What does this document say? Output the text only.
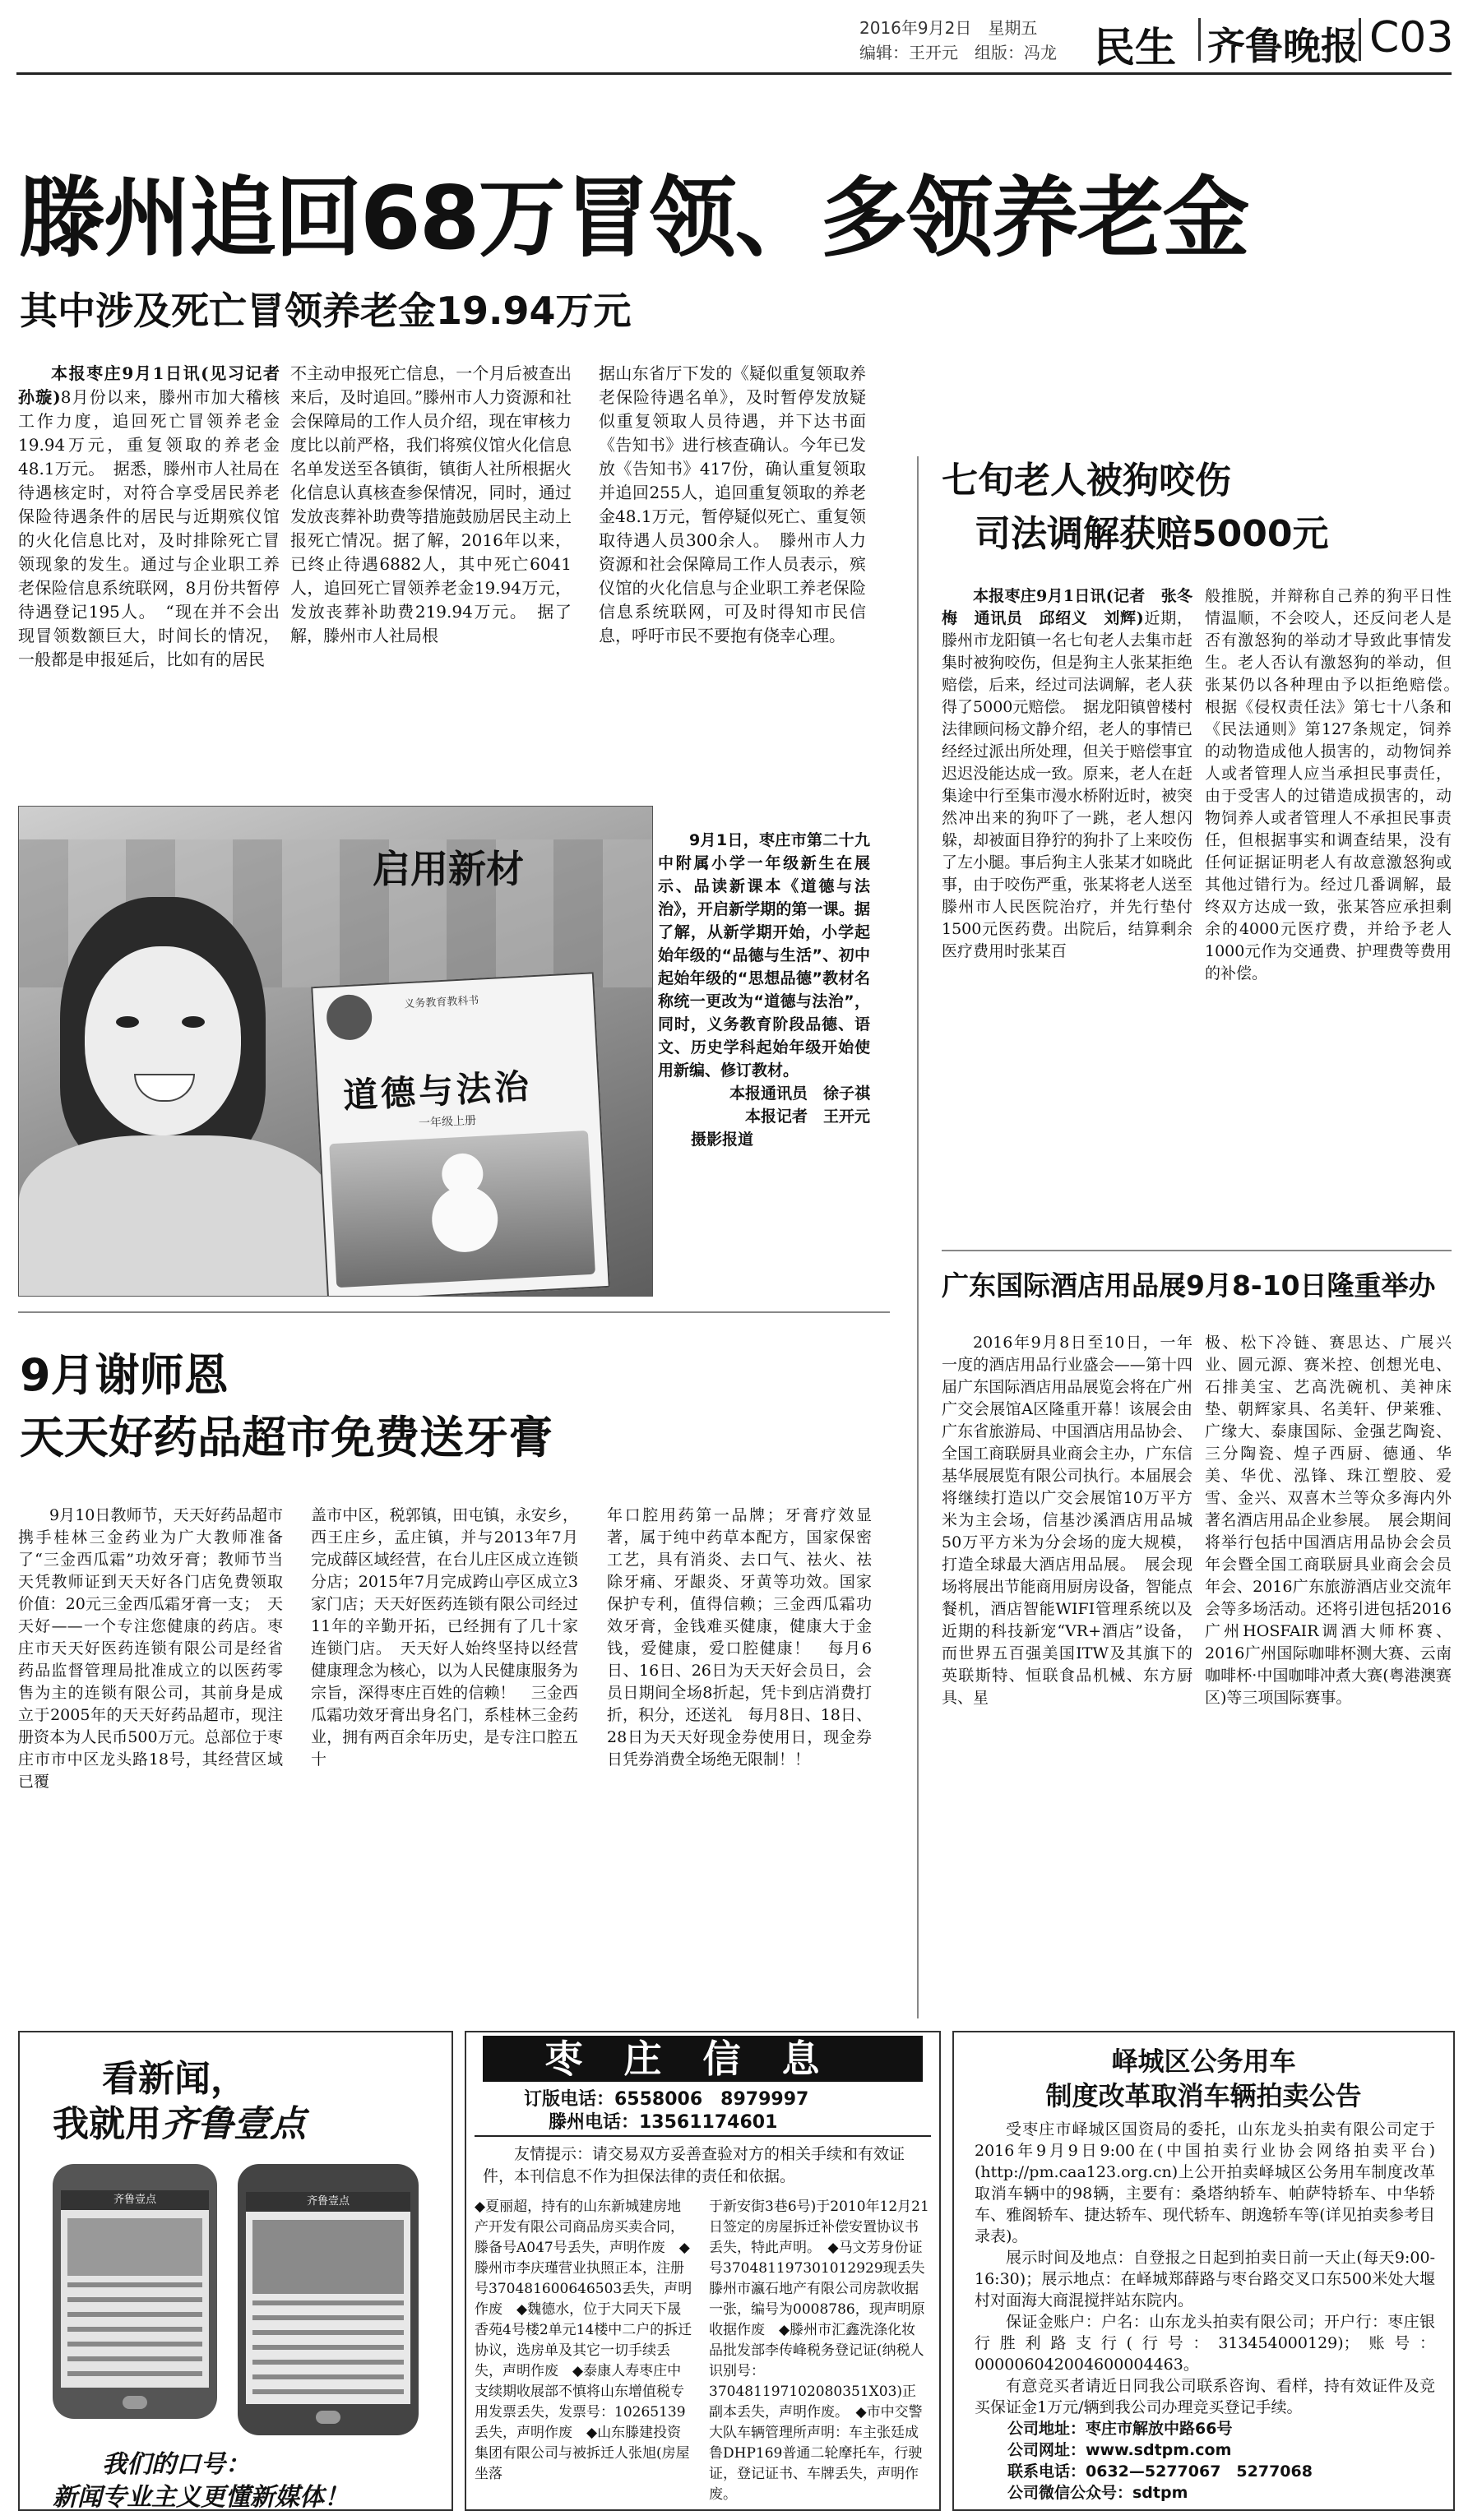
2016年9月2日　星期五
编辑：王开元　组版：冯龙 民生 齐鲁晚报 C03
滕州追回68万冒领、多领养老金
其中涉及死亡冒领养老金19.94万元

本报枣庄9月1日讯(见习记者　孙璇)8月份以来，滕州市加大稽核工作力度，追回死亡冒领养老金19.94万元，重复领取的养老金48.1万元。　据悉，滕州市人社局在待遇核定时，对符合享受居民养老保险待遇条件的居民与近期殡仪馆的火化信息比对，及时排除死亡冒领现象的发生。通过与企业职工养老保险信息系统联网，8月份共暂停待遇登记195人。　“现在并不会出现冒领数额巨大，时间长的情况，一般都是申报延后，比如有的居民

不主动申报死亡信息，一个月后被查出来后，及时追回。”滕州市人力资源和社会保障局的工作人员介绍，现在审核力度比以前严格，我们将殡仪馆火化信息名单发送至各镇街，镇街人社所根据火化信息认真核查参保情况，同时，通过发放丧葬补助费等措施鼓励居民主动上报死亡情况。据了解，2016年以来，已终止待遇6882人，其中死亡6041人，追回死亡冒领养老金19.94万元，发放丧葬补助费219.94万元。　据了解，滕州市人社局根

据山东省厅下发的《疑似重复领取养老保险待遇名单》，及时暂停发放疑似重复领取人员待遇，并下达书面《告知书》进行核查确认。今年已发放《告知书》417份，确认重复领取并追回255人，追回重复领取的养老金48.1万元，暂停疑似死亡、重复领取待遇人员300余人。　滕州市人力资源和社会保障局工作人员表示，殡仪馆的火化信息与企业职工养老保险信息系统联网，可及时得知市民信息，呼吁市民不要抱有侥幸心理。

义务教育教科书
道德与法治
一年级上册
启用新材

9月1日，枣庄市第二十九中附属小学一年级新生在展示、品读新课本《道德与法治》，开启新学期的第一课。据了解，从新学期开始，小学起始年级的“品德与生活”、初中起始年级的“思想品德”教材名称统一更改为“道德与法治”，同时，义务教育阶段品德、语文、历史学科起始年级开始使用新编、修订教材。

本报通讯员　徐子祺

本报记者　王开元

摄影报道

七旬老人被狗咬伤
司法调解获赔5000元

本报枣庄9月1日讯(记者　张冬梅　通讯员　邱绍义　刘辉)近期，滕州市龙阳镇一名七旬老人去集市赶集时被狗咬伤，但是狗主人张某拒绝赔偿，后来，经过司法调解，老人获得了5000元赔偿。　据龙阳镇曾楼村法律顾问杨文静介绍，老人的事情已经经过派出所处理，但关于赔偿事宜迟迟没能达成一致。原来，老人在赶集途中行至集市漫水桥附近时，被突然冲出来的狗吓了一跳，老人想闪躲，却被面目狰狞的狗扑了上来咬伤了左小腿。事后狗主人张某才如晓此事，由于咬伤严重，张某将老人送至滕州市人民医院治疗，并先行垫付1500元医药费。出院后，结算剩余医疗费用时张某百

般推脱，并辩称自己养的狗平日性情温顺，不会咬人，还反问老人是否有激怒狗的举动才导致此事情发生。老人否认有激怒狗的举动，但张某仍以各种理由予以拒绝赔偿。　根据《侵权责任法》第七十八条和《民法通则》第127条规定，饲养的动物造成他人损害的，动物饲养人或者管理人应当承担民事责任，由于受害人的过错造成损害的，动物饲养人或者管理人不承担民事责任，但根据事实和调查结果，没有任何证据证明老人有故意激怒狗或其他过错行为。经过几番调解，最终双方达成一致，张某答应承担剩余的4000元医疗费，并给予老人1000元作为交通费、护理费等费用的补偿。

广东国际酒店用品展9月8-10日隆重举办

2016年9月8日至10日，一年一度的酒店用品行业盛会——第十四届广东国际酒店用品展览会将在广州广交会展馆A区隆重开幕！该展会由广东省旅游局、中国酒店用品协会、全国工商联厨具业商会主办，广东信基华展展览有限公司执行。本届展会将继续打造以广交会展馆10万平方米为主会场，信基沙溪酒店用品城50万平方米为分会场的庞大规模，打造全球最大酒店用品展。　展会现场将展出节能商用厨房设备，智能点餐机，酒店智能WIFI管理系统以及近期的科技新宠“VR+酒店”设备，而世界五百强美国ITW及其旗下的英联斯特、恒联食品机械、东方厨具、星

极、松下冷链、赛思达、广展兴业、圆元源、赛米控、创想光电、石排美宝、艺高洗碗机、美神床垫、朝辉家具、名美轩、伊莱雅、广缘大、泰康国际、金强艺陶瓷、三分陶瓷、煌子西厨、德通、华美、华优、泓锋、珠江塑胶、爱雪、金兴、双喜木兰等众多海内外著名酒店用品企业参展。　展会期间将举行包括中国酒店用品协会会员年会暨全国工商联厨具业商会会员年会、2016广东旅游酒店业交流年会等多场活动。还将引进包括2016广州HOSFAIR调酒大师杯赛、2016广州国际咖啡杯测大赛、云南咖啡杯·中国咖啡冲煮大赛(粤港澳赛区)等三项国际赛事。

9月谢师恩
天天好药品超市免费送牙膏

9月10日教师节，天天好药品超市携手桂林三金药业为广大教师准备了“三金西瓜霜”功效牙膏；教师节当天凭教师证到天天好各门店免费领取价值：20元三金西瓜霜牙膏一支；　天天好——一个专注您健康的药店。枣庄市天天好医药连锁有限公司是经省药品监督管理局批准成立的以医药零售为主的连锁有限公司，其前身是成立于2005年的天天好药品超市，现注册资本为人民币500万元。总部位于枣庄市市中区龙头路18号，其经营区域已覆

盖市中区，税郭镇，田屯镇，永安乡，西王庄乡，孟庄镇，并与2013年7月完成薛区域经营，在台儿庄区成立连锁分店；2015年7月完成跨山亭区成立3家门店；天天好医药连锁有限公司经过11年的辛勤开拓，已经拥有了几十家连锁门店。　天天好人始终坚持以经营健康理念为核心，以为人民健康服务为宗旨，深得枣庄百姓的信赖！　三金西瓜霜功效牙膏出身名门，系桂林三金药业，拥有两百余年历史，是专注口腔五十

年口腔用药第一品牌；牙膏疗效显著，属于纯中药草本配方，国家保密工艺，具有消炎、去口气、祛火、祛除牙痛、牙龈炎、牙黄等功效。国家保护专利，值得信赖；三金西瓜霜功效牙膏，金钱难买健康，健康大于金钱，爱健康，爱口腔健康！　每月6日、16日、26日为天天好会员日，会员日期间全场8折起，凭卡到店消费打折，积分，还送礼　每月8日、18日、28日为天天好现金券使用日，现金券日凭券消费全场绝无限制！！

看新闻，
我就用齐鲁壹点
齐鲁壹点	齐鲁壹点
我们的口号：
新闻专业主义更懂新媒体！
枣庄信息
订版电话：6558006　8979997
滕州电话：13561174601

友情提示：请交易双方妥善查验对方的相关手续和有效证件，本刊信息不作为担保法律的责任和依据。

◆夏丽超，持有的山东新城建房地产开发有限公司商品房买卖合同，滕备号A047号丢失，声明作废　◆滕州市李庆瑾营业执照正本，注册号370481600646503丢失，声明作废　◆魏德水，位于大同天下晟香苑4号楼2单元14楼中二户的拆迁协议，选房单及其它一切手续丢失，声明作废　◆泰康人寿枣庄中支续期收展部不慎将山东增值税专用发票丢失，发票号：10265139丢失，声明作废　◆山东滕建投资集团有限公司与被拆迁人张旭(房屋坐落

于新安街3巷6号)于2010年12月21日签定的房屋拆迁补偿安置协议书丢失，特此声明。　◆马文芳身份证号370481197301012929现丢失滕州市瀛石地产有限公司房款收据一张，编号为0008786，现声明原收据作废　◆滕州市汇鑫洗涤化妆品批发部李传峰税务登记证(纳税人识别号：370481197102080351X03)正副本丢失，声明作废。　◆市中交警大队车辆管理所声明：车主张廷成鲁DHP169普通二轮摩托车，行驶证，登记证书、车牌丢失，声明作废。

峄城区公务用车
制度改革取消车辆拍卖公告

受枣庄市峄城区国资局的委托，山东龙头拍卖有限公司定于2016年9月9日9:00在(中国拍卖行业协会网络拍卖平台)(http://pm.caa123.org.cn)上公开拍卖峄城区公务用车制度改革取消车辆中的98辆，主要有：桑塔纳轿车、帕萨特轿车、中华轿车、雅阁轿车、捷达轿车、现代轿车、朗逸轿车等(详见拍卖参考目录表)。

展示时间及地点：自登报之日起到拍卖日前一天止(每天9:00-16:30)；展示地点：在峄城郑薛路与枣台路交叉口东500米处大堰村对面海大商混搅拌站东院内。

保证金账户：户名：山东龙头拍卖有限公司；开户行：枣庄银行胜利路支行(行号：313454000129)；账号：000006042004600004463。

有意竞买者请近日同我公司联系咨询、看样，持有效证件及竞买保证金1万元/辆到我公司办理竞买登记手续。

公司地址：枣庄市解放中路66号

公司网址：www.sdtpm.com

联系电话：0632—5277067　5277068

公司微信公众号：sdtpm
